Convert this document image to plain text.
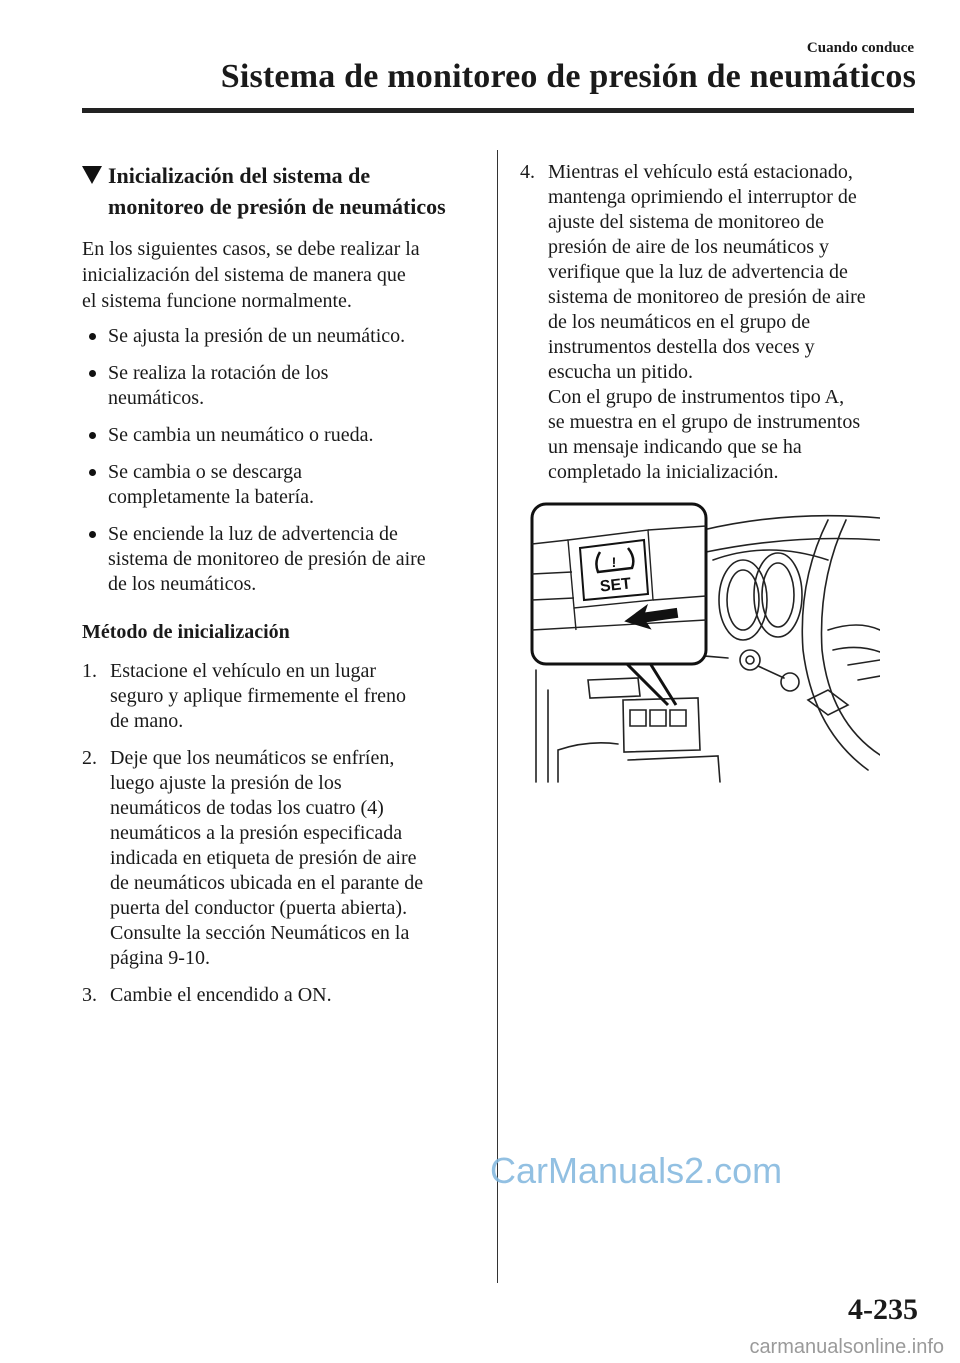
Cuando conduce
Sistema de monitoreo de presión de neumáticos
Inicialización del sistema de
monitoreo de presión de neumáticos
En los siguientes casos, se debe realizar la
inicialización del sistema de manera que
el sistema funcione normalmente.
Se ajusta la presión de un neumático.
Se realiza la rotación de los
neumáticos.
Se cambia un neumático o rueda.
Se cambia o se descarga
completamente la batería.
Se enciende la luz de advertencia de
sistema de monitoreo de presión de aire
de los neumáticos.
Método de inicialización
1. Estacione el vehículo en un lugar
seguro y aplique firmemente el freno
de mano.
2. Deje que los neumáticos se enfríen,
luego ajuste la presión de los
neumáticos de todas los cuatro (4)
neumáticos a la presión especificada
indicada en etiqueta de presión de aire
de neumáticos ubicada en el parante de
puerta del conductor (puerta abierta).
Consulte la sección Neumáticos en la
página 9-10.
3. Cambie el encendido a ON.
4. Mientras el vehículo está estacionado,
mantenga oprimiendo el interruptor de
ajuste del sistema de monitoreo de
presión de aire de los neumáticos y
verifique que la luz de advertencia de
sistema de monitoreo de presión de aire
de los neumáticos en el grupo de
instrumentos destella dos veces y
escucha un pitido.
Con el grupo de instrumentos tipo A,
se muestra en el grupo de instrumentos
un mensaje indicando que se ha
completado la inicialización.
!
SET
CarManuals2.com
4-235
carmanualsonline.info
